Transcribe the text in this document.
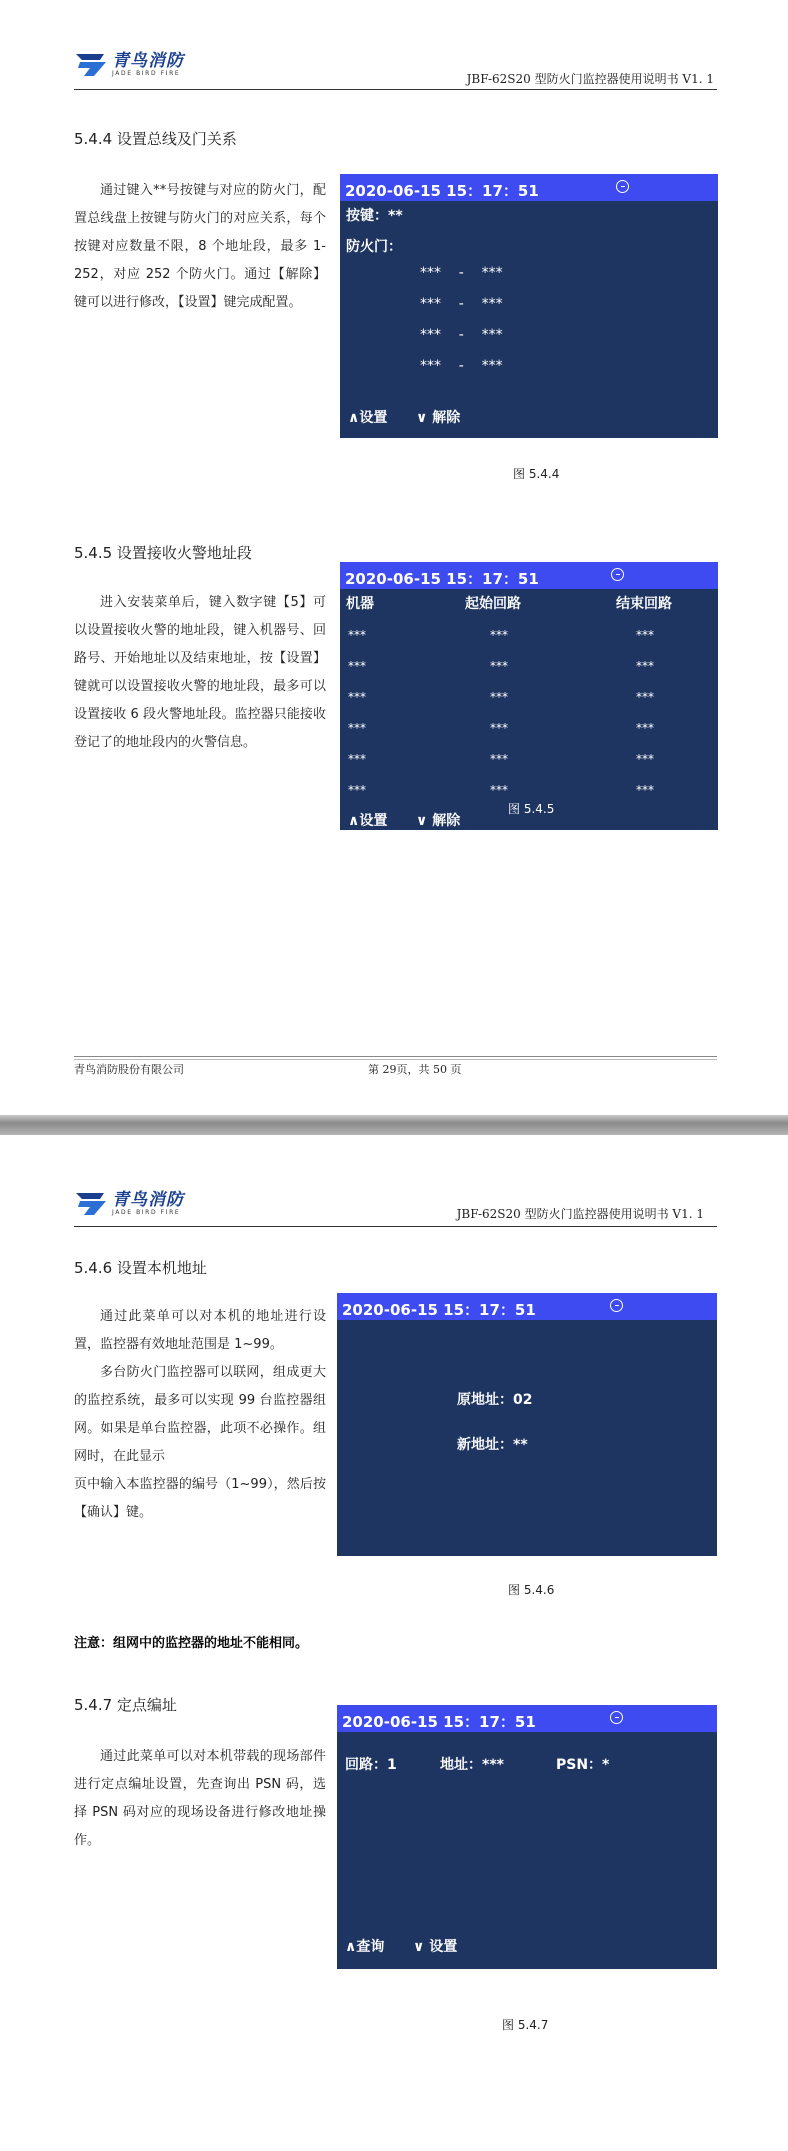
青鸟消防
JADE BIRD FIRE	JBF-62S20 型防火门监控器使用说明书 V1. 1
5.4.4 设置总线及门关系

通过键入**号按键与对应的防火门，配置总线盘上按键与防火门的对应关系，每个按键对应数量不限，8 个地址段，最多 1-252，对应 252 个防火门。通过【解除】键可以进行修改，【设置】键完成配置。

2020-06-15 15：17：51
按键：**
防火门：
***    -    ***
***    -    ***
***    -    ***
***    -    ***
∧设置 ∨ 解除
图 5.4.4
5.4.5 设置接收火警地址段

进入安装菜单后，键入数字键【5】可以设置接收火警的地址段，键入机器号、回路号、开始地址以及结束地址，按【设置】键就可以设置接收火警的地址段，最多可以设置接收 6 段火警地址段。监控器只能接收登记了的地址段内的火警信息。

2020-06-15 15：17：51
机器	起始回路	结束回路
***	***	***
***	***	***
***	***	***
***	***	***
***	***	***
***	***	***
图 5.4.5
∧设置 ∨ 解除
青鸟消防股份有限公司	第 29页，共 50 页
青鸟消防
JADE BIRD FIRE	JBF-62S20 型防火门监控器使用说明书 V1. 1
5.4.6 设置本机地址

通过此菜单可以对本机的地址进行设置，监控器有效地址范围是 1~99。

多台防火门监控器可以联网，组成更大的监控系统，最多可以实现 99 台监控器组网。如果是单台监控器，此项不必操作。组网时，在此显示

页中输入本监控器的编号（1~99），然后按【确认】键。

2020-06-15 15：17：51
原地址：02
新地址：**
图 5.4.6
注意：组网中的监控器的地址不能相同。
5.4.7 定点编址

通过此菜单可以对本机带载的现场部件进行定点编址设置，先查询出 PSN 码，选择 PSN 码对应的现场设备进行修改地址操作。

2020-06-15 15：17：51
回路：1	地址：***	PSN：*
∧查询 ∨ 设置
图 5.4.7
